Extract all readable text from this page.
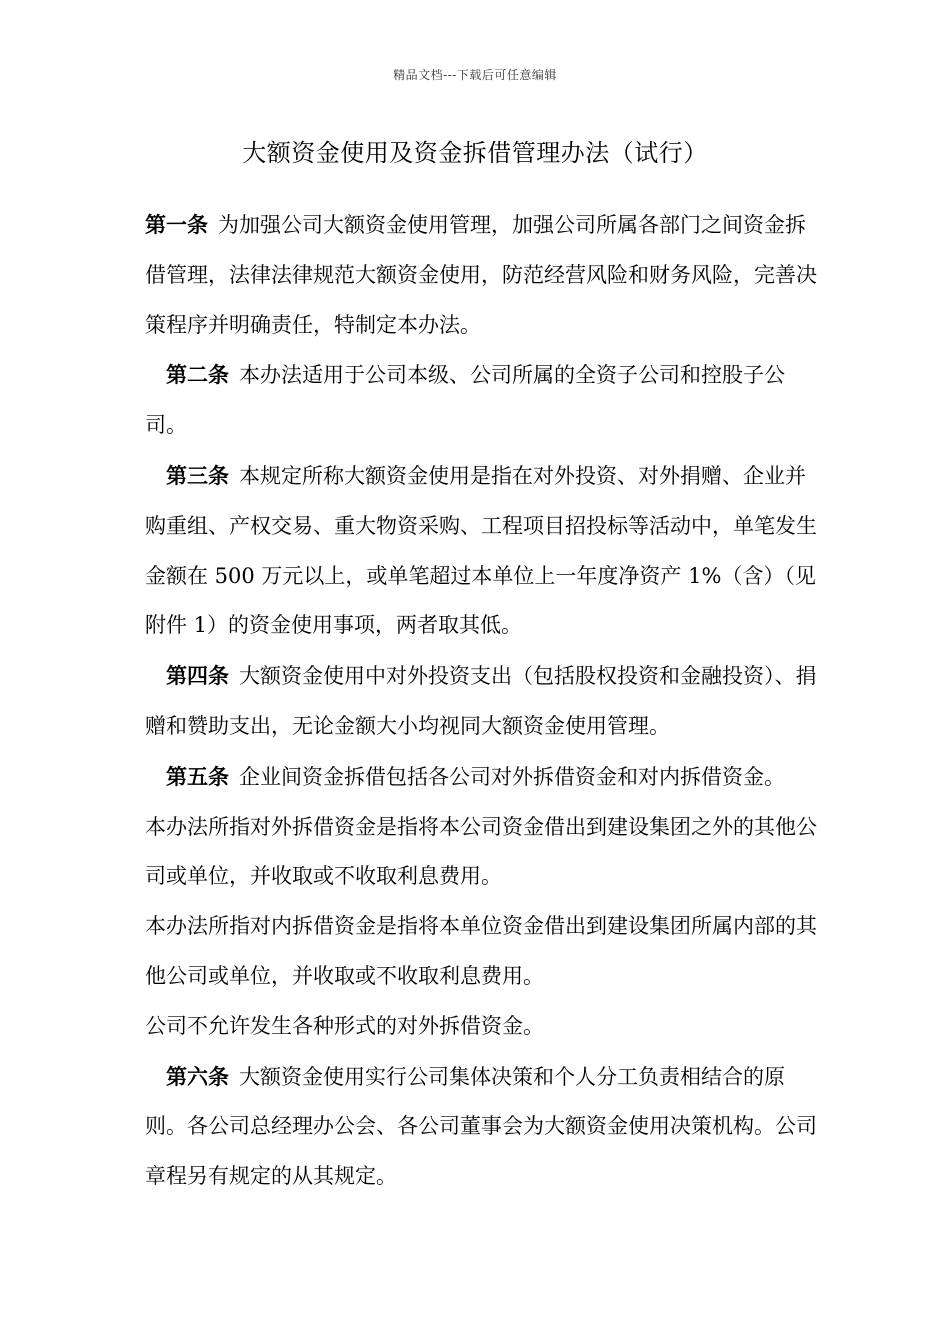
精品文档---下载后可任意编辑
大额资金使用及资金拆借管理办法（试行）

第一条 为加强公司大额资金使用管理，加强公司所属各部门之间资金拆借管理，法律法律规范大额资金使用，防范经营风险和财务风险，完善决策程序并明确责任，特制定本办法。

第二条 本办法适用于公司本级、公司所属的全资子公司和控股子公司。

第三条 本规定所称大额资金使用是指在对外投资、对外捐赠、企业并购重组、产权交易、重大物资采购、工程项目招投标等活动中，单笔发生金额在 500 万元以上，或单笔超过本单位上一年度净资产 1%（含）（见附件 1）的资金使用事项，两者取其低。

第四条 大额资金使用中对外投资支出（包括股权投资和金融投资）、捐赠和赞助支出，无论金额大小均视同大额资金使用管理。

第五条 企业间资金拆借包括各公司对外拆借资金和对内拆借资金。

本办法所指对外拆借资金是指将本公司资金借出到建设集团之外的其他公司或单位，并收取或不收取利息费用。

本办法所指对内拆借资金是指将本单位资金借出到建设集团所属内部的其他公司或单位，并收取或不收取利息费用。

公司不允许发生各种形式的对外拆借资金。

第六条 大额资金使用实行公司集体决策和个人分工负责相结合的原则。各公司总经理办公会、各公司董事会为大额资金使用决策机构。公司章程另有规定的从其规定。
